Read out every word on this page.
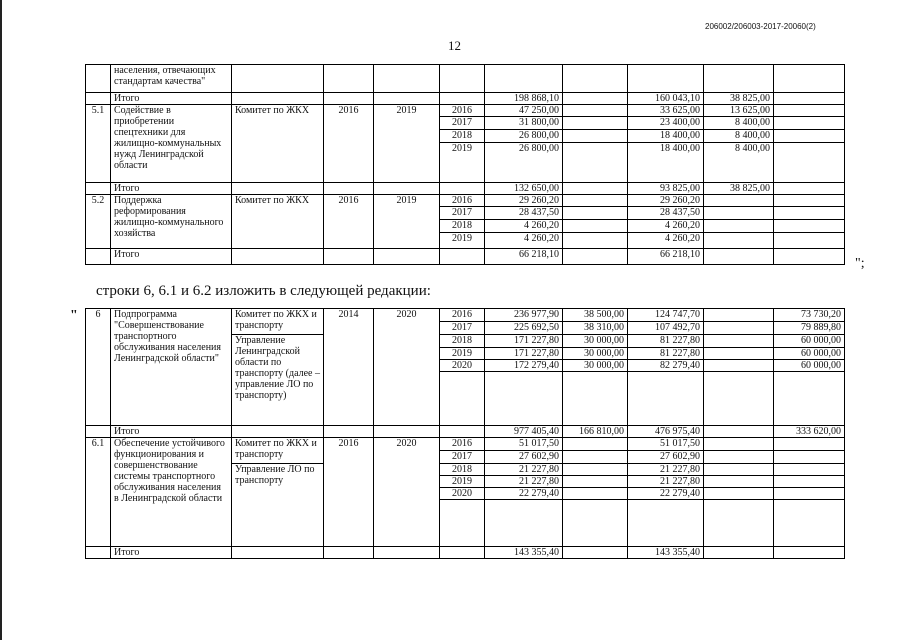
12
206002/206003-2017-20060(2)
	населения, отвечающих стандартам качества"									
	Итого					198 868,10		160 043,10	38 825,00	
5.1	Содействие в приобретении спецтехники для жилищно-коммунальных нужд Ленинградской области	Комитет по ЖКХ	2016	2019	2016	47 250,00		33 625,00	13 625,00	
					2017	31 800,00		23 400,00	8 400,00	
					2018	26 800,00		18 400,00	8 400,00	
					2019	26 800,00		18 400,00	8 400,00	
	Итого					132 650,00		93 825,00	38 825,00	
5.2	Поддержка реформирования жилищно-коммунального хозяйства	Комитет по ЖКХ	2016	2019	2016	29 260,20		29 260,20		
					2017	28 437,50		28 437,50		
					2018	4 260,20		4 260,20		
					2019	4 260,20		4 260,20		
	Итого					66 218,10		66 218,10		
";
строки 6, 6.1 и 6.2 изложить в следующей редакции:
" 6	Подпрограмма "Совершенствование транспортного обслуживания населения Ленинградской области"	Комитет по ЖКХ и транспорту	2014	2020	2016	236 977,90	38 500,00	124 747,70		73 730,20
					2017	225 692,50	38 310,00	107 492,70		79 889,80
		Управление Ленинградской области по транспорту (далее – управление ЛО по транспорту)			2018	171 227,80	30 000,00	81 227,80		60 000,00
					2019	171 227,80	30 000,00	81 227,80		60 000,00
					2020	172 279,40	30 000,00	82 279,40		60 000,00

	Итого					977 405,40	166 810,00	476 975,40		333 620,00
6.1	Обеспечение устойчивого функционирования и совершенствование системы транспортного обслуживания населения в Ленинградской области	Комитет по ЖКХ и транспорту	2016	2020	2016	51 017,50		51 017,50		
					2017	27 602,90		27 602,90		
		Управление ЛО по транспорту			2018	21 227,80		21 227,80		
					2019	21 227,80		21 227,80		
					2020	22 279,40		22 279,40		

	Итого					143 355,40		143 355,40		
